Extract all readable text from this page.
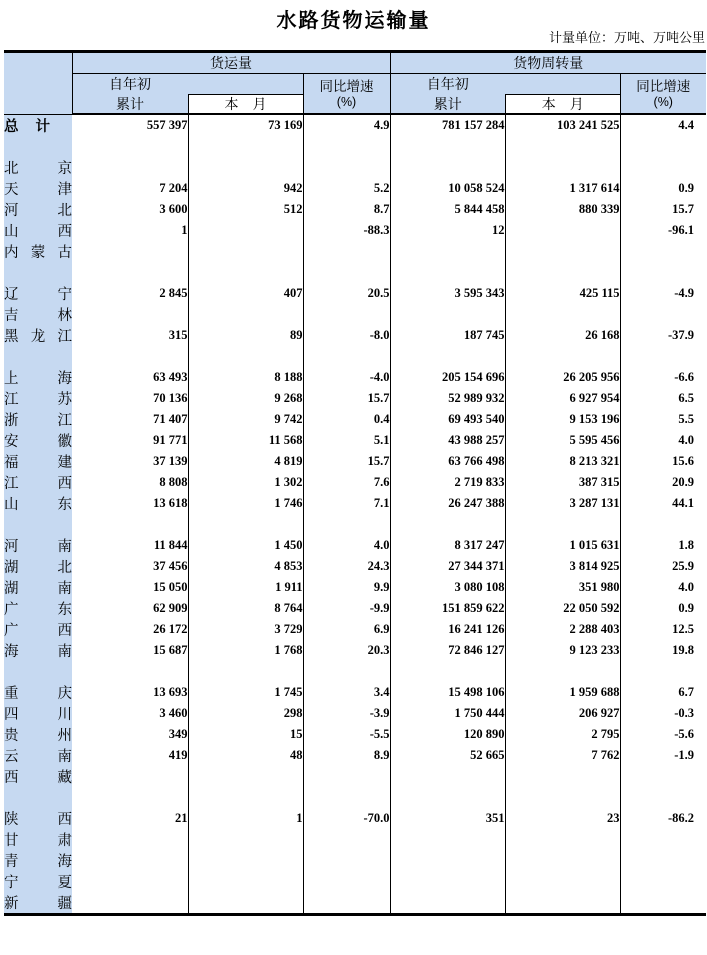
水路货物运输量
计量单位：万吨、万吨公里
	货运量			货物周转量		

自年初
累计	本　月

同比增速
(%)

自年初
累计	本　月

同比增速
(%)

总 计	557 397	73 169	4.9	781 157 284	103 241 525	4.4

北 京						

天 津	7 204	942	5.2	10 058 524	1 317 614	0.9

河 北	3 600	512	8.7	5 844 458	880 339	15.7

山 西	1		-88.3	12		-96.1

内 蒙 古						

辽 宁	2 845	407	20.5	3 595 343	425 115	-4.9

吉 林						

黑 龙 江	315	89	-8.0	187 745	26 168	-37.9

上 海	63 493	8 188	-4.0	205 154 696	26 205 956	-6.6

江 苏	70 136	9 268	15.7	52 989 932	6 927 954	6.5

浙 江	71 407	9 742	0.4	69 493 540	9 153 196	5.5

安 徽	91 771	11 568	5.1	43 988 257	5 595 456	4.0

福 建	37 139	4 819	15.7	63 766 498	8 213 321	15.6

江 西	8 808	1 302	7.6	2 719 833	387 315	20.9

山 东	13 618	1 746	7.1	26 247 388	3 287 131	44.1

河 南	11 844	1 450	4.0	8 317 247	1 015 631	1.8

湖 北	37 456	4 853	24.3	27 344 371	3 814 925	25.9

湖 南	15 050	1 911	9.9	3 080 108	351 980	4.0

广 东	62 909	8 764	-9.9	151 859 622	22 050 592	0.9

广 西	26 172	3 729	6.9	16 241 126	2 288 403	12.5

海 南	15 687	1 768	20.3	72 846 127	9 123 233	19.8

重 庆	13 693	1 745	3.4	15 498 106	1 959 688	6.7

四 川	3 460	298	-3.9	1 750 444	206 927	-0.3

贵 州	349	15	-5.5	120 890	2 795	-5.6

云 南	419	48	8.9	52 665	7 762	-1.9

西 藏						

陕 西	21	1	-70.0	351	23	-86.2

甘 肃						

青 海						

宁 夏						

新 疆						
